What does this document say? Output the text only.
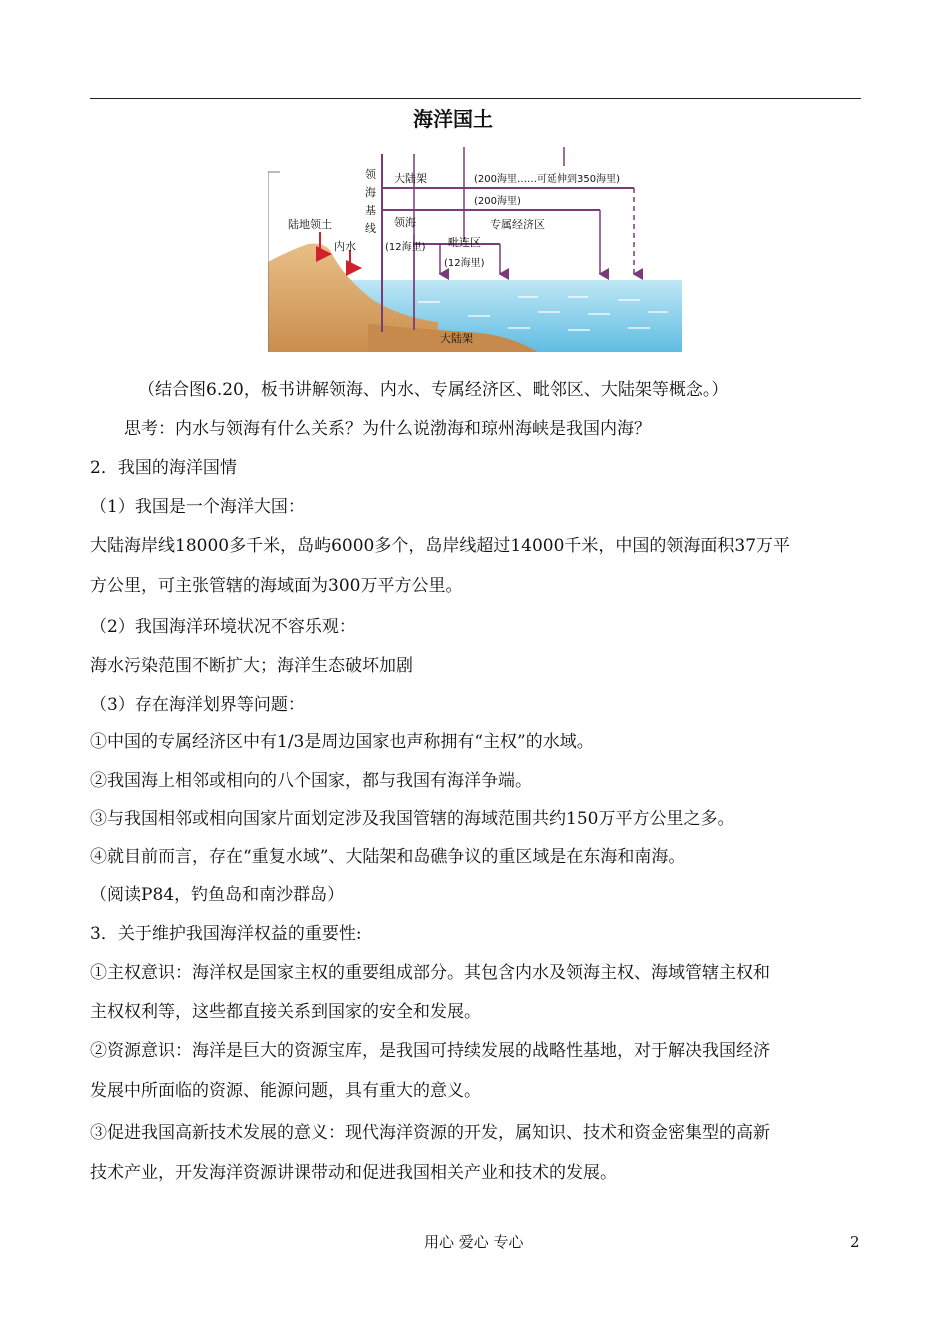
海洋国土
领
海
基
线
大陆架	(200海里……可延伸到350海里)
(200海里)
领海	专属经济区
(12海里) 毗连区
(12海里)
陆地领土
内水
大陆架
（结合图6.20，板书讲解领海、内水、专属经济区、毗邻区、大陆架等概念。）
思考：内水与领海有什么关系？为什么说渤海和琼州海峡是我国内海？
2．我国的海洋国情
（1）我国是一个海洋大国：
大陆海岸线18000多千米，岛屿6000多个，岛岸线超过14000千米，中国的领海面积37万平
方公里，可主张管辖的海域面为300万平方公里。
（2）我国海洋环境状况不容乐观：
海水污染范围不断扩大；海洋生态破坏加剧
（3）存在海洋划界等问题：
①中国的专属经济区中有1/3是周边国家也声称拥有“主权”的水域。
②我国海上相邻或相向的八个国家，都与我国有海洋争端。
③与我国相邻或相向国家片面划定涉及我国管辖的海域范围共约150万平方公里之多。
④就目前而言，存在“重复水域”、大陆架和岛礁争议的重区域是在东海和南海。
（阅读P84，钓鱼岛和南沙群岛）
3．关于维护我国海洋权益的重要性:
①主权意识：海洋权是国家主权的重要组成部分。其包含内水及领海主权、海域管辖主权和
主权权利等，这些都直接关系到国家的安全和发展。
②资源意识：海洋是巨大的资源宝库，是我国可持续发展的战略性基地，对于解决我国经济
发展中所面临的资源、能源问题，具有重大的意义。
③促进我国高新技术发展的意义：现代海洋资源的开发，属知识、技术和资金密集型的高新
技术产业，开发海洋资源讲课带动和促进我国相关产业和技术的发展。
用心 爱心 专心	2
